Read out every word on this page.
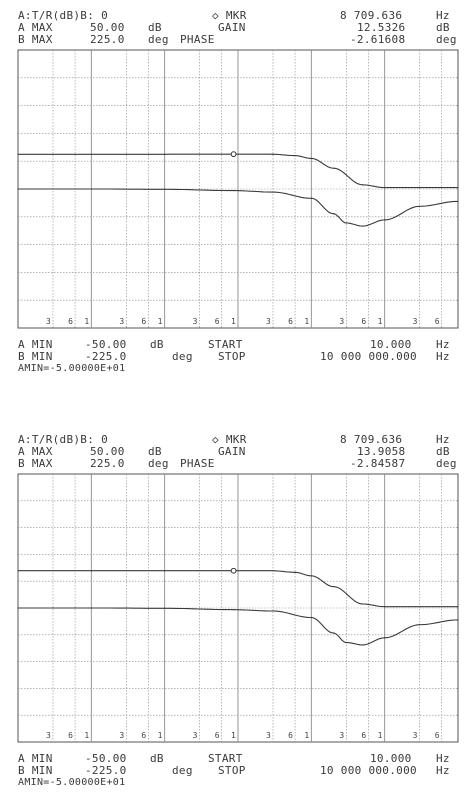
A:T/R(dB)B: 0
A MAX	50.00 dB
B MAX	225.0 deg
◇ MKR
GAIN
PHASE
8 709.636	Hz
12.5326	dB
-2.61608	deg
3 6 1	3 6 1	3 6 1	3 6 1	3 6 1	3 6
A MIN	-50.00 dB	START	10.000 Hz
B MIN	-225.0	deg STOP	10 000 000.000 Hz
AMIN=-5.00000E+01
A:T/R(dB)B: 0
A MAX	50.00 dB
B MAX	225.0 deg
◇ MKR
GAIN
PHASE
8 709.636	Hz
13.9058	dB
-2.84587	deg
3 6 1	3 6 1	3 6 1	3 6 1	3 6 1	3 6
A MIN	-50.00 dB	START	10.000 Hz
B MIN	-225.0	deg STOP	10 000 000.000 Hz
AMIN=-5.00000E+01
